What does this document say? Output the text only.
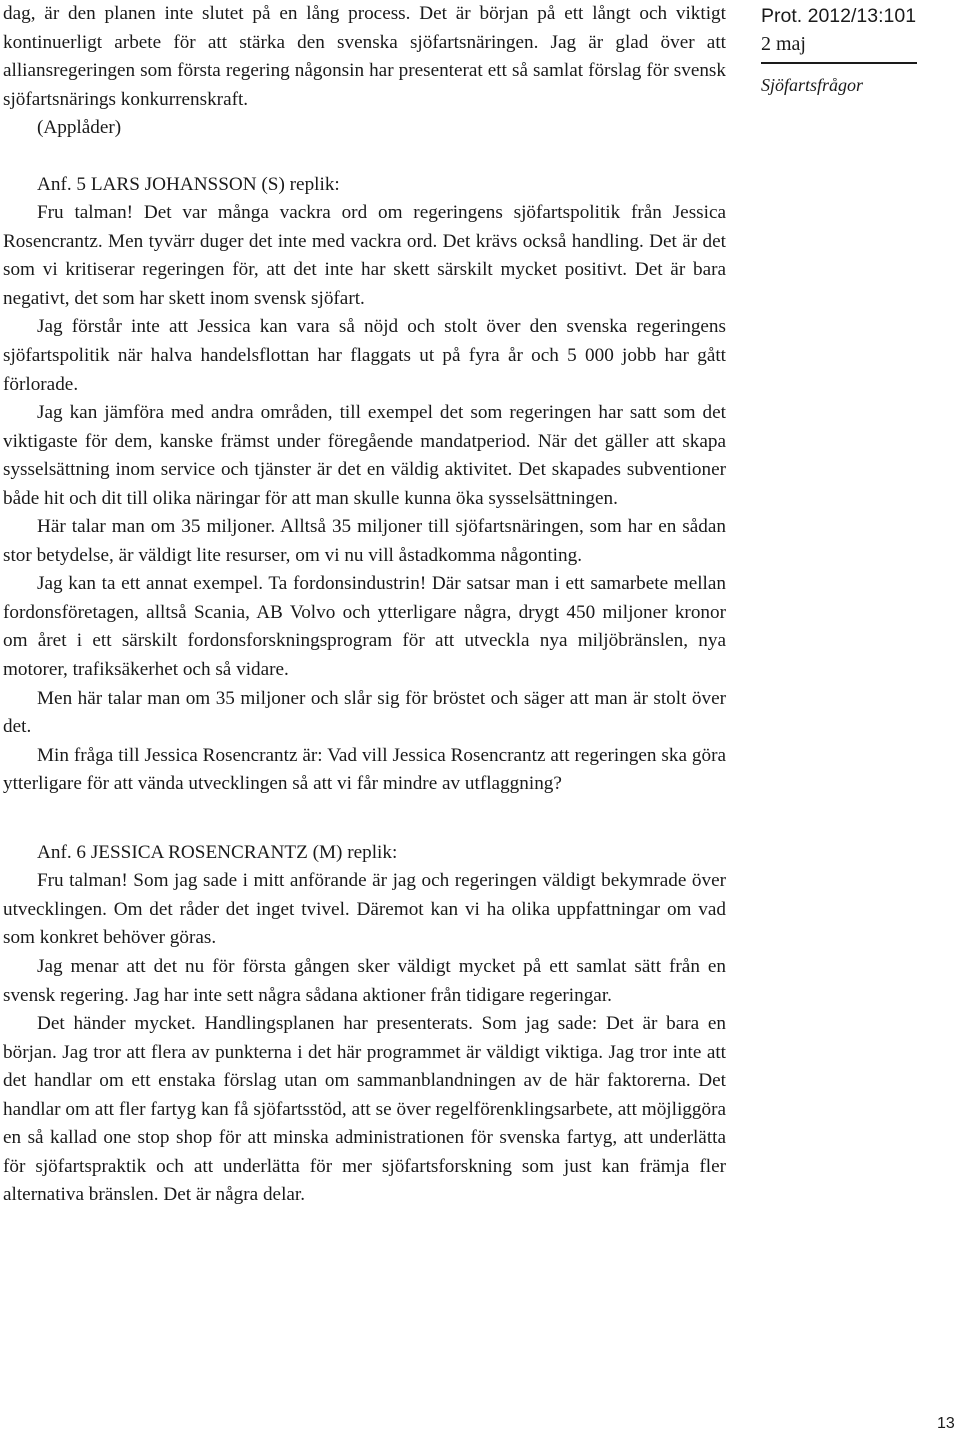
dag, är den planen inte slutet på en lång process. Det är början på ett långt och viktigt kontinuerligt arbete för att stärka den svenska sjöfartsnäringen. Jag är glad över att alliansregeringen som första regering någonsin har presenterat ett så samlat förslag för svensk sjöfartsnärings konkurrenskraft.

(Applåder)

Anf. 5 LARS JOHANSSON (S) replik:

Fru talman! Det var många vackra ord om regeringens sjöfartspolitik från Jessica Rosencrantz. Men tyvärr duger det inte med vackra ord. Det krävs också handling. Det är det som vi kritiserar regeringen för, att det inte har skett särskilt mycket positivt. Det är bara negativt, det som har skett inom svensk sjöfart.

Jag förstår inte att Jessica kan vara så nöjd och stolt över den svenska regeringens sjöfartspolitik när halva handelsflottan har flaggats ut på fyra år och 5 000 jobb har gått förlorade.

Jag kan jämföra med andra områden, till exempel det som regeringen har satt som det viktigaste för dem, kanske främst under föregående mandatperiod. När det gäller att skapa sysselsättning inom service och tjänster är det en väldig aktivitet. Det skapades subventioner både hit och dit till olika näringar för att man skulle kunna öka sysselsättningen.

Här talar man om 35 miljoner. Alltså 35 miljoner till sjöfartsnäringen, som har en sådan stor betydelse, är väldigt lite resurser, om vi nu vill åstadkomma någonting.

Jag kan ta ett annat exempel. Ta fordonsindustrin! Där satsar man i ett samarbete mellan fordonsföretagen, alltså Scania, AB Volvo och ytterligare några, drygt 450 miljoner kronor om året i ett särskilt fordonsforskningsprogram för att utveckla nya miljöbränslen, nya motorer, trafiksäkerhet och så vidare.

Men här talar man om 35 miljoner och slår sig för bröstet och säger att man är stolt över det.

Min fråga till Jessica Rosencrantz är: Vad vill Jessica Rosencrantz att regeringen ska göra ytterligare för att vända utvecklingen så att vi får mindre av utflaggning?

Anf. 6 JESSICA ROSENCRANTZ (M) replik:

Fru talman! Som jag sade i mitt anförande är jag och regeringen väldigt bekymrade över utvecklingen. Om det råder det inget tvivel. Däremot kan vi ha olika uppfattningar om vad som konkret behöver göras.

Jag menar att det nu för första gången sker väldigt mycket på ett samlat sätt från en svensk regering. Jag har inte sett några sådana aktioner från tidigare regeringar.

Det händer mycket. Handlingsplanen har presenterats. Som jag sade: Det är bara en början. Jag tror att flera av punkterna i det här programmet är väldigt viktiga. Jag tror inte att det handlar om ett enstaka förslag utan om sammanblandningen av de här faktorerna. Det handlar om att fler fartyg kan få sjöfartsstöd, att se över regelförenklingsarbete, att möjliggöra en så kallad one stop shop för att minska administrationen för svenska fartyg, att underlätta för sjöfartspraktik och att underlätta för mer sjöfartsforskning som just kan främja fler alternativa bränslen. Det är några delar.

Prot. 2012/13:101
2 maj
Sjöfartsfrågor
13
